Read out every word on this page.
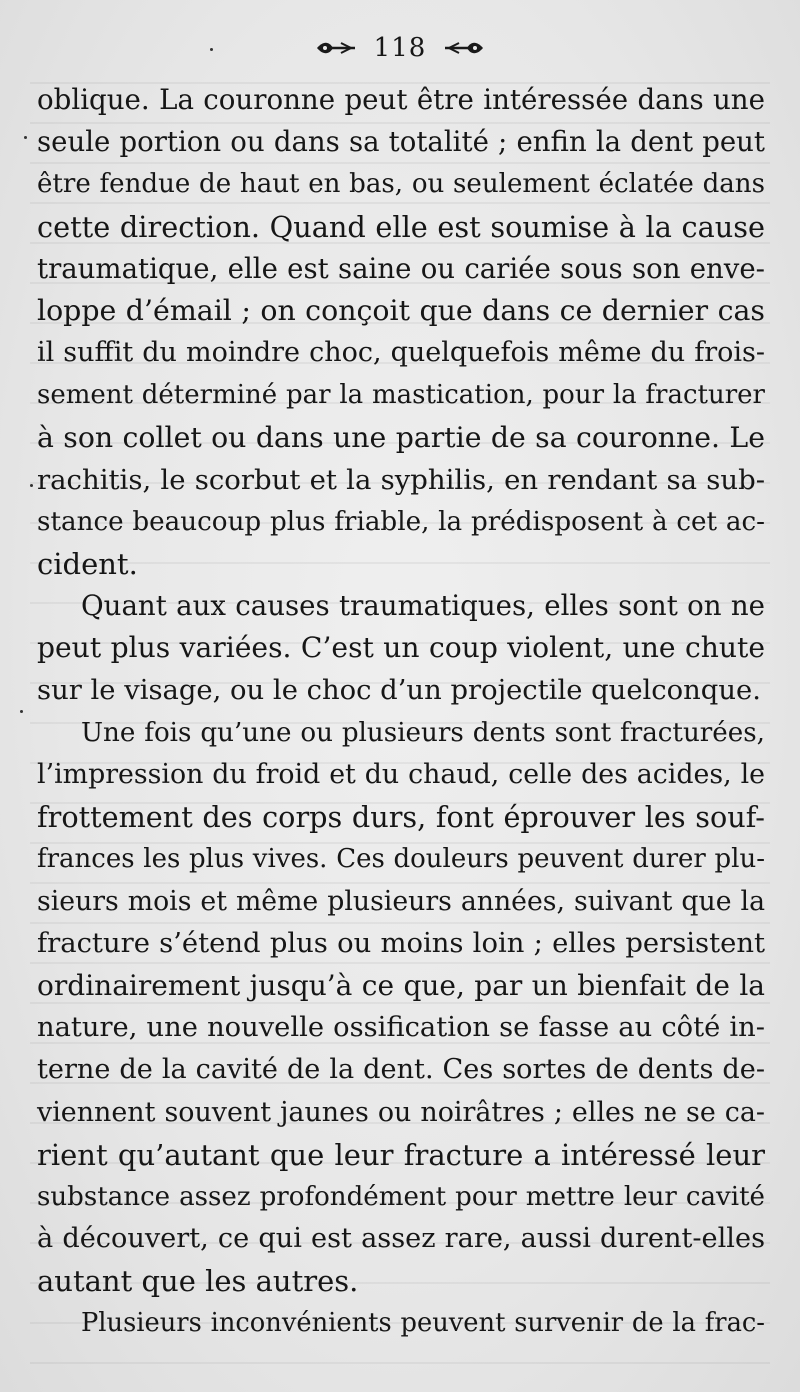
118
oblique. La couronne peut être intéressée dans une
seule portion ou dans sa totalité ; enfin la dent peut
être fendue de haut en bas, ou seulement éclatée dans
cette direction. Quand elle est soumise à la cause
traumatique, elle est saine ou cariée sous son enve-
loppe d’émail ; on conçoit que dans ce dernier cas
il suffit du moindre choc, quelquefois même du frois-
sement déterminé par la mastication, pour la fracturer
à son collet ou dans une partie de sa couronne. Le
rachitis, le scorbut et la syphilis, en rendant sa sub-
stance beaucoup plus friable, la prédisposent à cet ac-
cident.
Quant aux causes traumatiques, elles sont on ne
peut plus variées. C’est un coup violent, une chute
sur le visage, ou le choc d’un projectile quelconque.
Une fois qu’une ou plusieurs dents sont fracturées,
l’impression du froid et du chaud, celle des acides, le
frottement des corps durs, font éprouver les souf-
frances les plus vives. Ces douleurs peuvent durer plu-
sieurs mois et même plusieurs années, suivant que la
fracture s’étend plus ou moins loin ; elles persistent
ordinairement jusqu’à ce que, par un bienfait de la
nature, une nouvelle ossification se fasse au côté in-
terne de la cavité de la dent. Ces sortes de dents de-
viennent souvent jaunes ou noirâtres ; elles ne se ca-
rient qu’autant que leur fracture a intéressé leur
substance assez profondément pour mettre leur cavité
à découvert, ce qui est assez rare, aussi durent-elles
autant que les autres.
Plusieurs inconvénients peuvent survenir de la frac-
